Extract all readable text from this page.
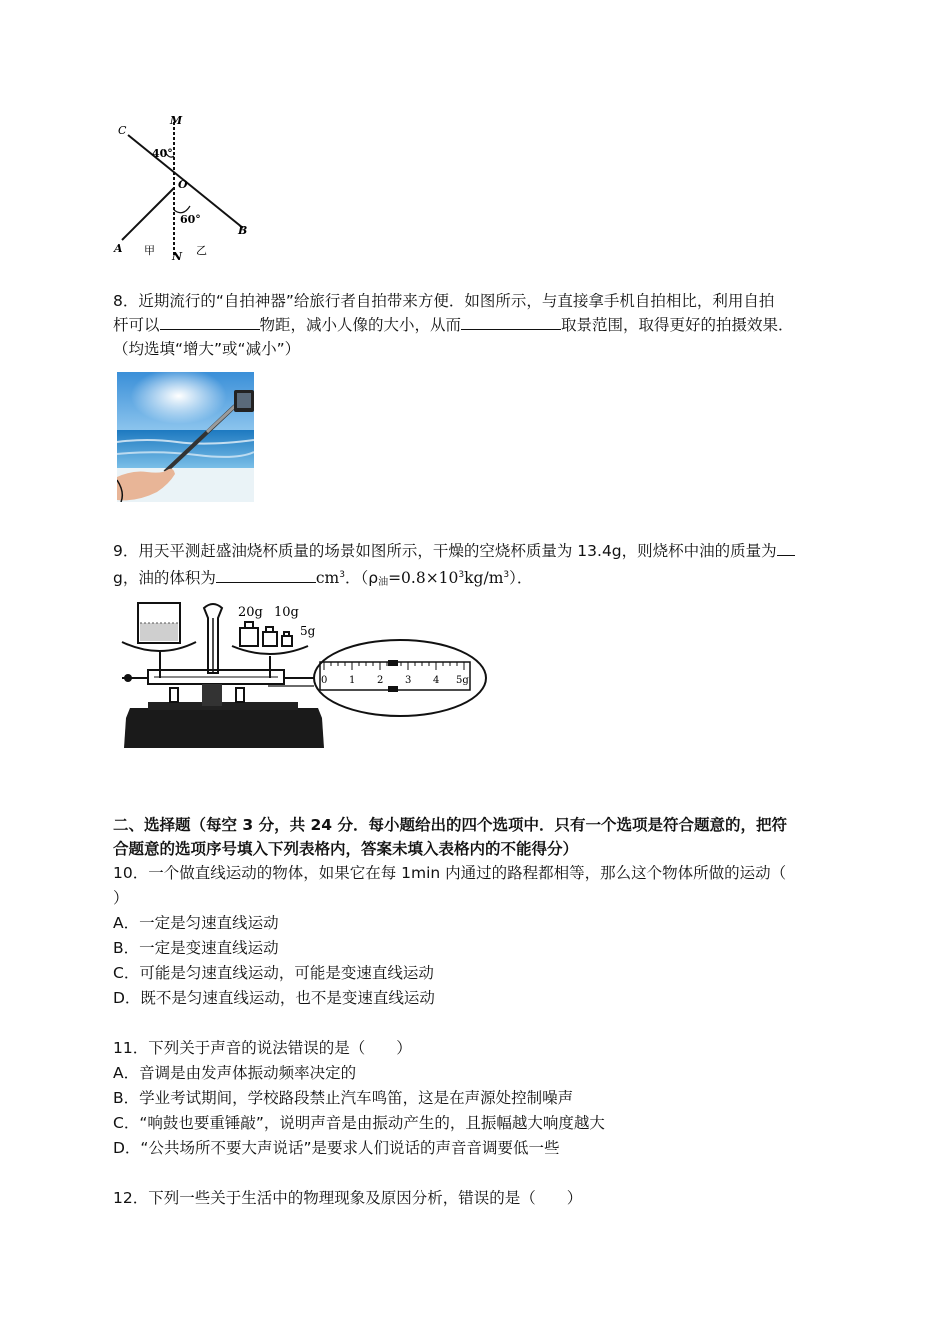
C
M
40°
O
60°
B
A 甲 N 乙
8．近期流行的“自拍神器”给旅行者自拍带来方便．如图所示，与直接拿手机自拍相比，利用自拍
杆可以	物距，减小人像的大小，从而	取景范围，取得更好的拍摄效果．
（均选填“增大”或“减小”）
9．用天平测赶盛油烧杯质量的场景如图所示，干燥的空烧杯质量为 13.4g，则烧杯中油的质量为
g，油的体积为	$cm^3$．$(\rho_油=0.8\times 10^3kg/m^3)$．
20g 10g
5g
0 1 2 3 4 5g
二、选择题（每空 3 分，共 24 分．每小题给出的四个选项中．只有一个选项是符合题意的，把符
合题意的选项序号填入下列表格内，答案未填入表格内的不能得分）
10．一个做直线运动的物体，如果它在每 1min 内通过的路程都相等，那么这个物体所做的运动（
）
A．一定是匀速直线运动
B．一定是变速直线运动
C．可能是匀速直线运动，可能是变速直线运动
D．既不是匀速直线运动，也不是变速直线运动
11．下列关于声音的说法错误的是（　　）
A．音调是由发声体振动频率决定的
B．学业考试期间，学校路段禁止汽车鸣笛，这是在声源处控制噪声
C．“响鼓也要重锤敲”，说明声音是由振动产生的，且振幅越大响度越大
D．“公共场所不要大声说话”是要求人们说话的声音音调要低一些
12．下列一些关于生活中的物理现象及原因分析，错误的是（　　）
